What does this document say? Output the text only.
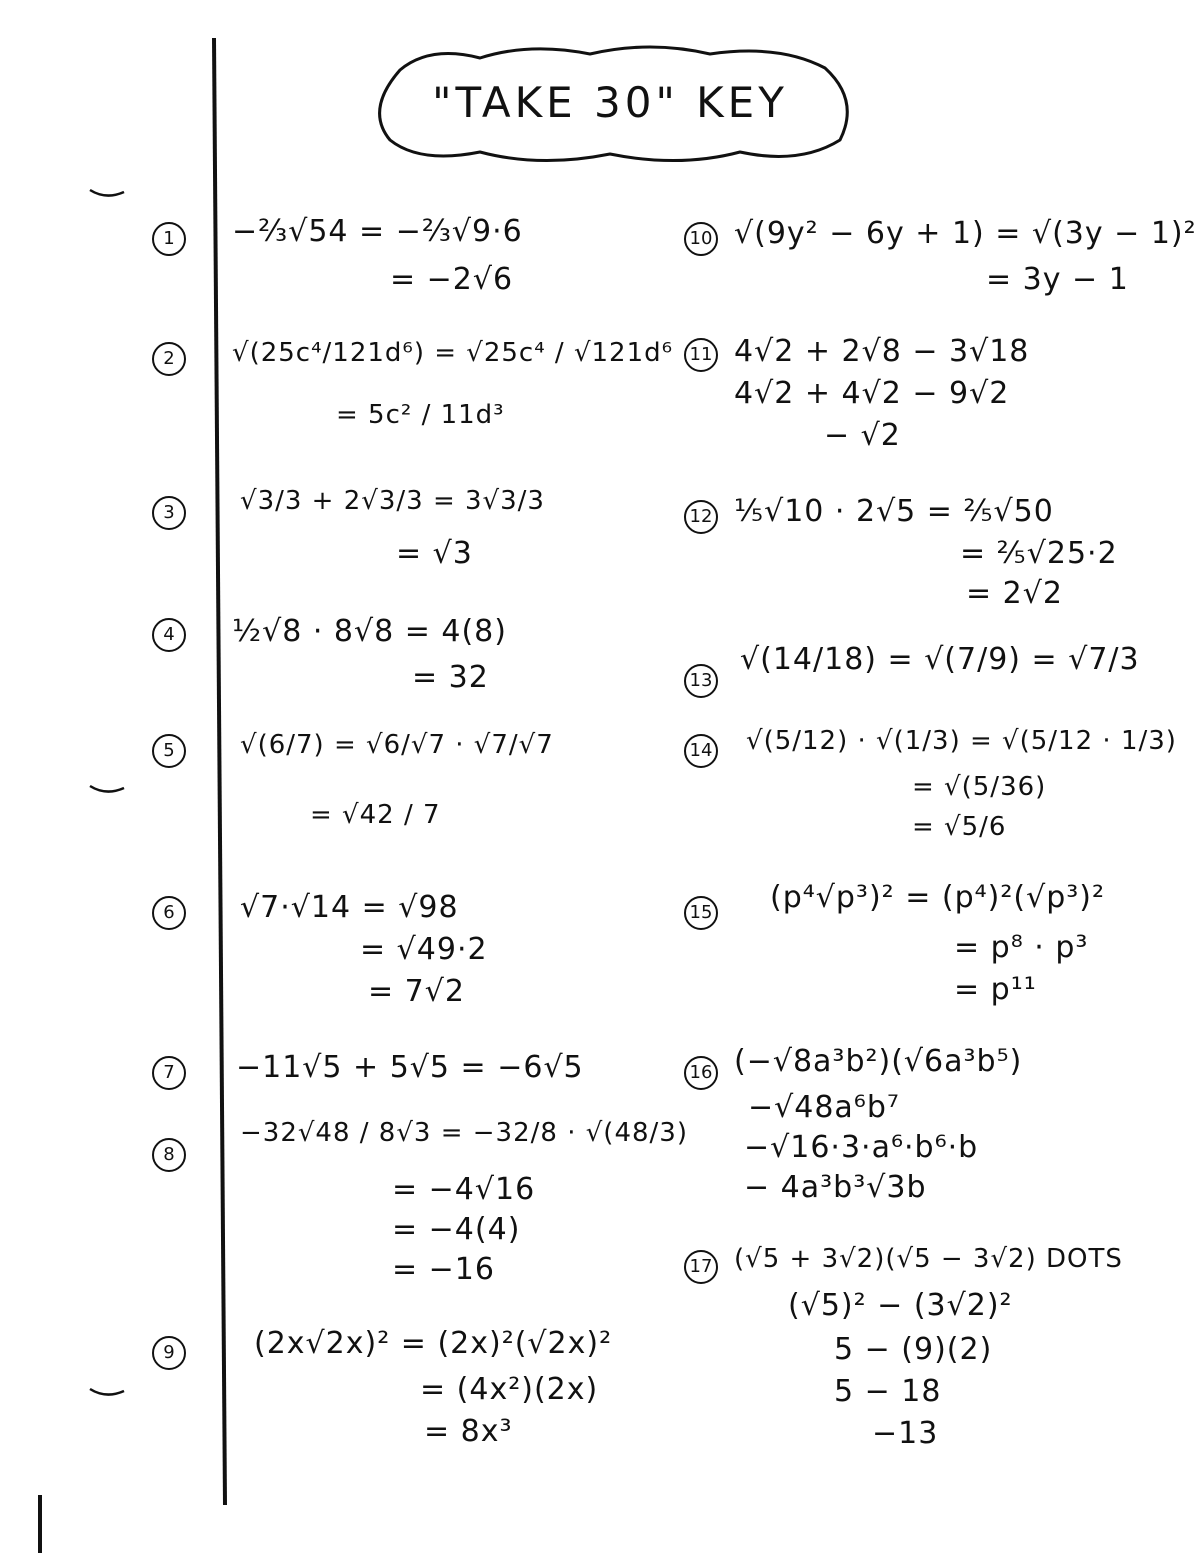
"TAKE 30" KEY
1	−⅔√54 = −⅔√9·6
= −2√6
2	√(25c⁴/121d⁶) = √25c⁴ / √121d⁶
= 5c² / 11d³
3	√3/3 + 2√3/3 = 3√3/3
= √3
4	½√8 · 8√8 = 4(8)
= 32
5	√(6/7) = √6/√7 · √7/√7
= √42 / 7
6	√7·√14 = √98
= √49·2
= 7√2
7	−11√5 + 5√5 = −6√5
8
−32√48 / 8√3 = −32/8 · √(48/3)
= −4√16
= −4(4)
= −16
9	(2x√2x)² = (2x)²(√2x)²
= (4x²)(2x)
= 8x³
10 √(9y² − 6y + 1) = √(3y − 1)²
= 3y − 1
11 4√2 + 2√8 − 3√18
4√2 + 4√2 − 9√2
− √2
12 ⅕√10 · 2√5 = ⅖√50
= ⅖√25·2
= 2√2
13
√(14/18) = √(7/9) = √7/3
14 √(5/12) · √(1/3) = √(5/12 · 1/3)
= √(5/36)
= √5/6
15 (p⁴√p³)² = (p⁴)²(√p³)²
= p⁸ · p³
= p¹¹
16 (−√8a³b²)(√6a³b⁵)
−√48a⁶b⁷
−√16·3·a⁶·b⁶·b
− 4a³b³√3b
17 (√5 + 3√2)(√5 − 3√2) DOTS
(√5)² − (3√2)²
5 − (9)(2)
5 − 18
−13
